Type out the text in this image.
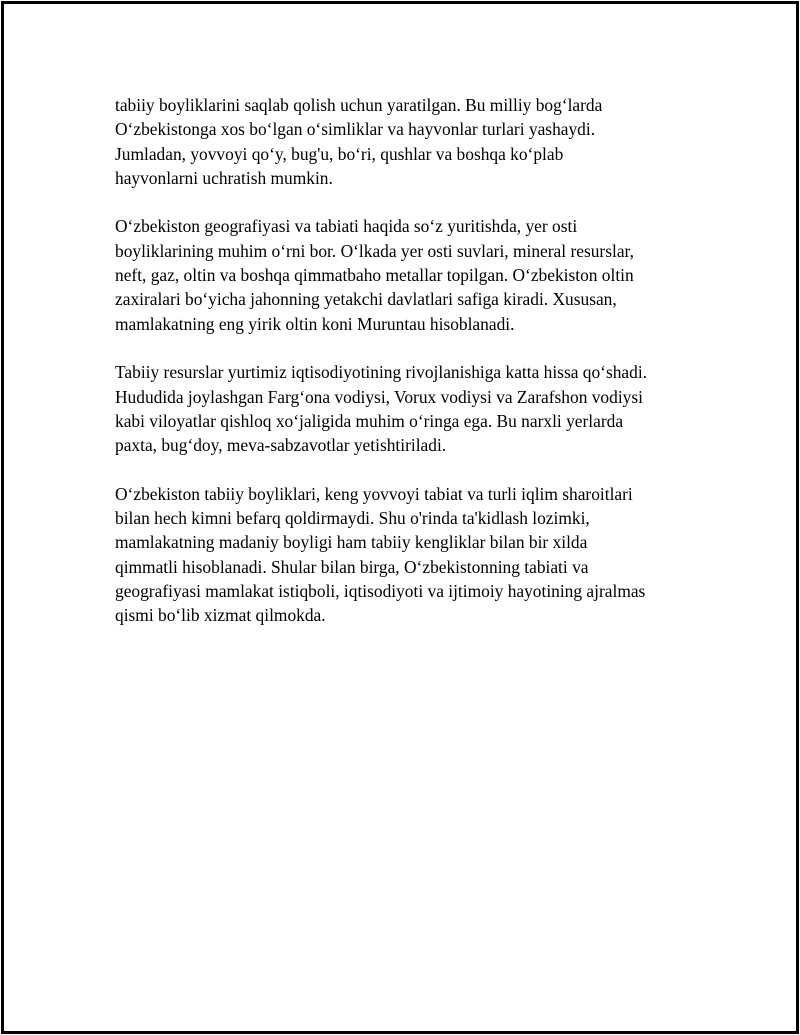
tabiiy boyliklarini saqlab qolish uchun yaratilgan. Bu milliy bog‘larda
O‘zbekistonga xos bo‘lgan o‘simliklar va hayvonlar turlari yashaydi.
Jumladan, yovvoyi qo‘y, bug'u, bo‘ri, qushlar va boshqa ko‘plab
hayvonlarni uchratish mumkin.

O‘zbekiston geografiyasi va tabiati haqida so‘z yuritishda, yer osti
boyliklarining muhim o‘rni bor. O‘lkada yer osti suvlari, mineral resurslar,
neft, gaz, oltin va boshqa qimmatbaho metallar topilgan. O‘zbekiston oltin
zaxiralari bo‘yicha jahonning yetakchi davlatlari safiga kiradi. Xususan,
mamlakatning eng yirik oltin koni Muruntau hisoblanadi.

Tabiiy resurslar yurtimiz iqtisodiyotining rivojlanishiga katta hissa qo‘shadi.
Hududida joylashgan Farg‘ona vodiysi, Vorux vodiysi va Zarafshon vodiysi
kabi viloyatlar qishloq xo‘jaligida muhim o‘ringa ega. Bu narxli yerlarda
paxta, bug‘doy, meva-sabzavotlar yetishtiriladi.

O‘zbekiston tabiiy boyliklari, keng yovvoyi tabiat va turli iqlim sharoitlari
bilan hech kimni befarq qoldirmaydi. Shu o'rinda ta'kidlash lozimki,
mamlakatning madaniy boyligi ham tabiiy kengliklar bilan bir xilda
qimmatli hisoblanadi. Shular bilan birga, O‘zbekistonning tabiati va
geografiyasi mamlakat istiqboli, iqtisodiyoti va ijtimoiy hayotining ajralmas
qismi bo‘lib xizmat qilmokda.
